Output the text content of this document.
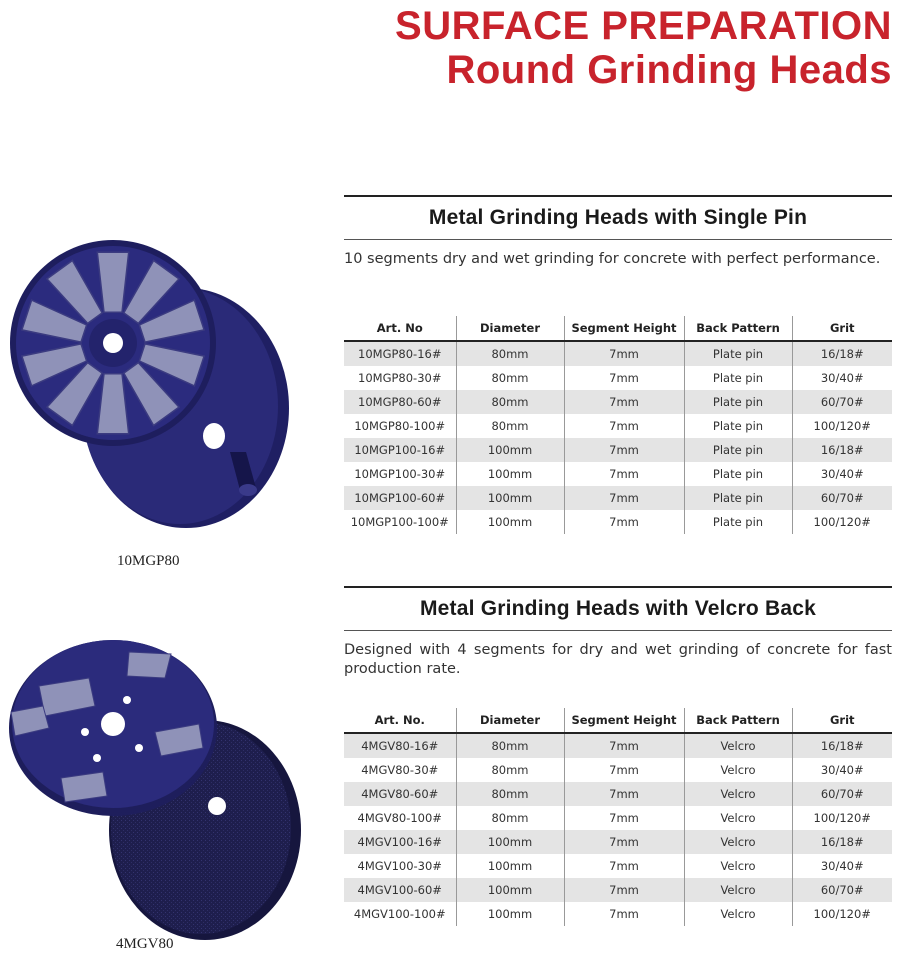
SURFACE PREPARATION
Round Grinding Heads
10MGP80
4MGV80
Metal Grinding Heads with Single Pin
10 segments dry and wet grinding for concrete with perfect performance.
Art. No	Diameter	Segment Height	Back Pattern	Grit
10MGP80-16#	80mm	7mm	Plate pin	16/18#
10MGP80-30#	80mm	7mm	Plate pin	30/40#
10MGP80-60#	80mm	7mm	Plate pin	60/70#
10MGP80-100#	80mm	7mm	Plate pin	100/120#
10MGP100-16#	100mm	7mm	Plate pin	16/18#
10MGP100-30#	100mm	7mm	Plate pin	30/40#
10MGP100-60#	100mm	7mm	Plate pin	60/70#
10MGP100-100#	100mm	7mm	Plate pin	100/120#
Metal Grinding Heads with Velcro Back
Designed with 4 segments for dry and wet grinding of concrete for fast production rate.
Art. No.	Diameter	Segment Height	Back Pattern	Grit
4MGV80-16#	80mm	7mm	Velcro	16/18#
4MGV80-30#	80mm	7mm	Velcro	30/40#
4MGV80-60#	80mm	7mm	Velcro	60/70#
4MGV80-100#	80mm	7mm	Velcro	100/120#
4MGV100-16#	100mm	7mm	Velcro	16/18#
4MGV100-30#	100mm	7mm	Velcro	30/40#
4MGV100-60#	100mm	7mm	Velcro	60/70#
4MGV100-100#	100mm	7mm	Velcro	100/120#
